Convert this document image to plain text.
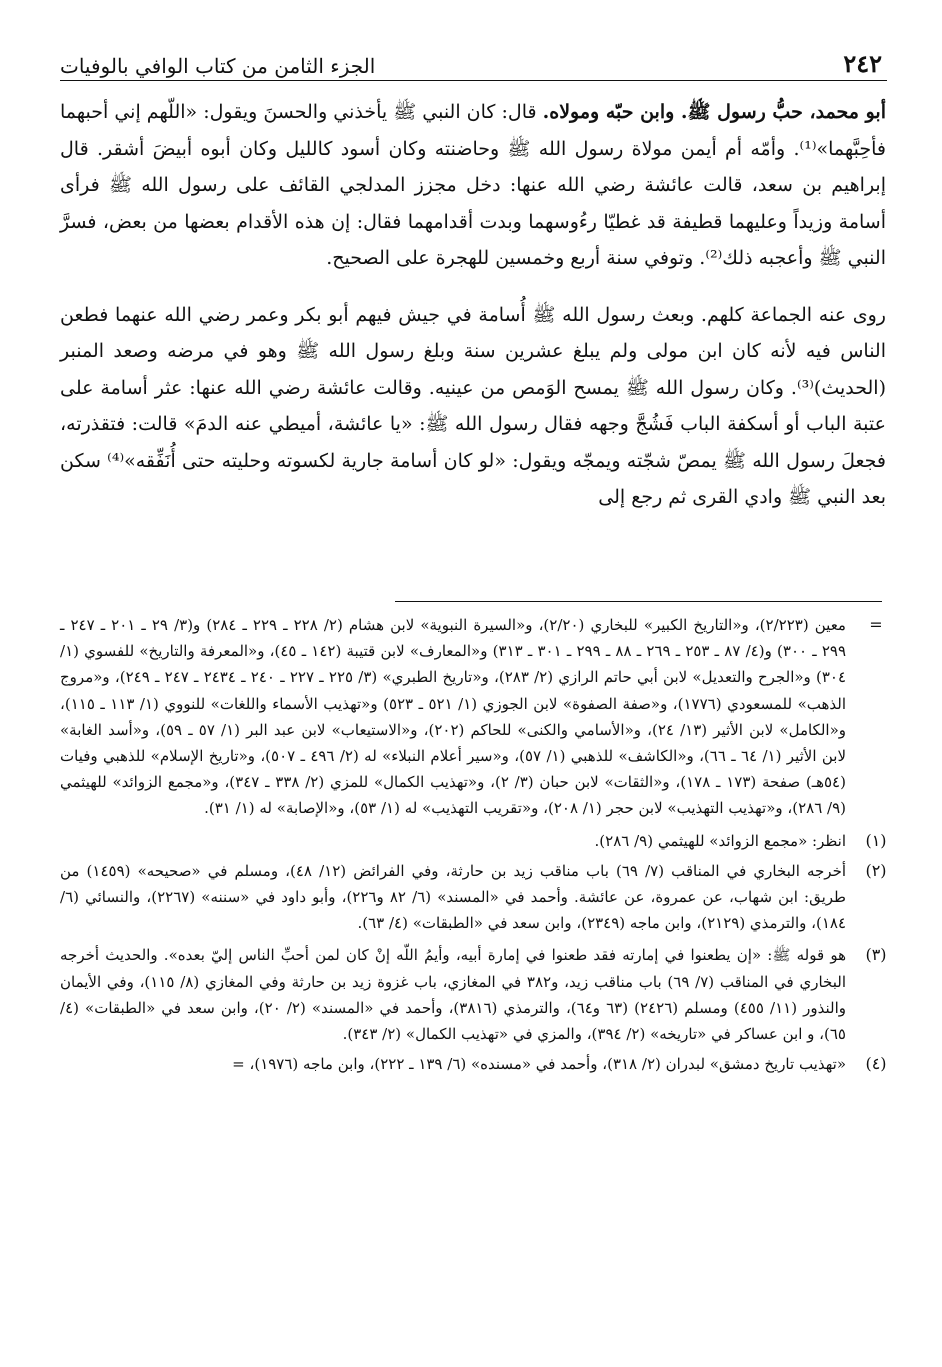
٢٤٢
الجزء الثامن من كتاب الوافي بالوفيات

أبو محمد، حبُّ رسول ﷺ. وابن حبّه ومولاه. قال: كان النبي ﷺ يأخذني والحسنَ ويقول: «اللّهم إني أحبهما فأحِبَّهما»⁽¹⁾. وأمّه أم أيمن مولاة رسول الله ﷺ وحاضنته وكان أسود كالليل وكان أبوه أبيضَ أشقر. قال إبراهيم بن سعد، قالت عائشة رضي الله عنها: دخل مجزز المدلجي القائف على رسول الله ﷺ فرأى أسامة وزيداً وعليهما قطيفة قد غطيّا رءُوسهما وبدت أقدامهما فقال: إن هذه الأقدام بعضها من بعض، فسرَّ النبي ﷺ وأعجبه ذلك⁽²⁾. وتوفي سنة أربع وخمسين للهجرة على الصحيح.

روى عنه الجماعة كلهم. وبعث رسول الله ﷺ أُسامة في جيش فيهم أبو بكر وعمر رضي الله عنهما فطعن الناس فيه لأنه كان ابن مولى ولم يبلغ عشرين سنة وبلغ رسول الله ﷺ وهو في مرضه وصعد المنبر (الحديث)⁽³⁾. وكان رسول الله ﷺ يمسح الوَمص من عينيه. وقالت عائشة رضي الله عنها: عثر أسامة على عتبة الباب أو أسكفة الباب فَشُجَّ وجهه فقال رسول الله ﷺ: «يا عائشة، أميطي عنه الدمَ» قالت: فتقذرته، فجعلَ رسول الله ﷺ يمصّ شجّته ويمجّه ويقول: «لو كان أسامة جارية لكسوته وحليته حتى أُنَفِّقه»⁽⁴⁾ سكن بعد النبي ﷺ وادي القرى ثم رجع إلى

=
معين (٢/٢٢٣)، و«التاريخ الكبير» للبخاري (٢/٢٠)، و«السيرة النبوية» لابن هشام (٢/ ٢٢٨ ـ ٢٢٩ ـ ٢٨٤) و(٣/ ٢٩ ـ ٢٠١ ـ ٢٤٧ ـ ٢٩٩ ـ ٣٠٠) و(٤/ ٨٧ ـ ٢٥٣ ـ ٢٦٩ ـ ٨٨ ـ ٢٩٩ ـ ٣٠١ ـ ٣١٣) و«المعارف» لابن قتيبة (١٤٢ ـ ٤٥)، و«المعرفة والتاريخ» للفسوي (١/ ٣٠٤) و«الجرح والتعديل» لابن أبي حاتم الرازي (٢/ ٢٨٣)، و«تاريخ الطبري» (٣/ ٢٢٥ ـ ٢٢٧ ـ ٢٤٠ ـ ٢٤٣٤ ـ ٢٤٧ ـ ٢٤٩)، و«مروج الذهب» للمسعودي (١٧٧٦)، و«صفة الصفوة» لابن الجوزي (١/ ٥٢١ ـ ٥٢٣) و«تهذيب الأسماء واللغات» للنووي (١/ ١١٣ ـ ١١٥)، و«الكامل» لابن الأثير (١٣/ ٢٤)، و«الأسامي والكنى» للحاكم (٢٠٢)، و«الاستيعاب» لابن عبد البر (١/ ٥٧ ـ ٥٩)، و«أسد الغابة» لابن الأثير (١/ ٦٤ ـ ٦٦)، و«الكاشف» للذهبي (١/ ٥٧)، و«سير أعلام النبلاء» له (٢/ ٤٩٦ ـ ٥٠٧)، و«تاريخ الإسلام» للذهبي وفيات (٥٤هـ) صفحة (١٧٣ ـ ١٧٨)، و«الثقات» لابن حبان (٣/ ٢)، و«تهذيب الكمال» للمزي (٢/ ٣٣٨ ـ ٣٤٧)، و«مجمع الزوائد» للهيثمي (٩/ ٢٨٦)، و«تهذيب التهذيب» لابن حجر (١/ ٢٠٨)، و«تقريب التهذيب» له (١/ ٥٣)، و«الإصابة» له (١/ ٣١).
(١)
انظر: «مجمع الزوائد» للهيثمي (٩/ ٢٨٦).
(٢)
أخرجه البخاري في المناقب (٧/ ٦٩) باب مناقب زيد بن حارثة، وفي الفرائض (١٢/ ٤٨)، ومسلم في «صحيحه» (١٤٥٩) من طريق: ابن شهاب، عن عمروة، عن عائشة. وأحمد في «المسند» (٦/ ٨٢ و٢٢٦)، وأبو داود في «سننه» (٢٢٦٧)، والنسائي (٦/ ١٨٤)، والترمذي (٢١٢٩)، وابن ماجه (٢٣٤٩)، وابن سعد في «الطبقات» (٤/ ٦٣).
(٣)
هو قوله ﷺ: «إن يطعنوا في إمارته فقد طعنوا في إمارة أبيه، وأيمُ اللّه إنْ كان لمن أحبِّ الناس إليّ بعده». والحديث أخرجه البخاري في المناقب (٧/ ٦٩) باب مناقب زيد، و٣٨٢ في المغازي، باب غزوة زيد بن حارثة وفي المغازي (٨/ ١١٥)، وفي الأيمان والنذور (١١/ ٤٥٥) ومسلم (٢٤٢٦) (٦٣ و٦٤)، والترمذي (٣٨١٦)، وأحمد في «المسند» (٢/ ٢٠)، وابن سعد في «الطبقات» (٤/ ٦٥)، و ابن عساكر في «تاريخه» (٢/ ٣٩٤)، والمزي في «تهذيب الكمال» (٢/ ٣٤٣).
(٤)
«تهذيب تاريخ دمشق» لبدران (٢/ ٣١٨)، وأحمد في «مسنده» (٦/ ١٣٩ ـ ٢٢٢)، وابن ماجه (١٩٧٦)، =
